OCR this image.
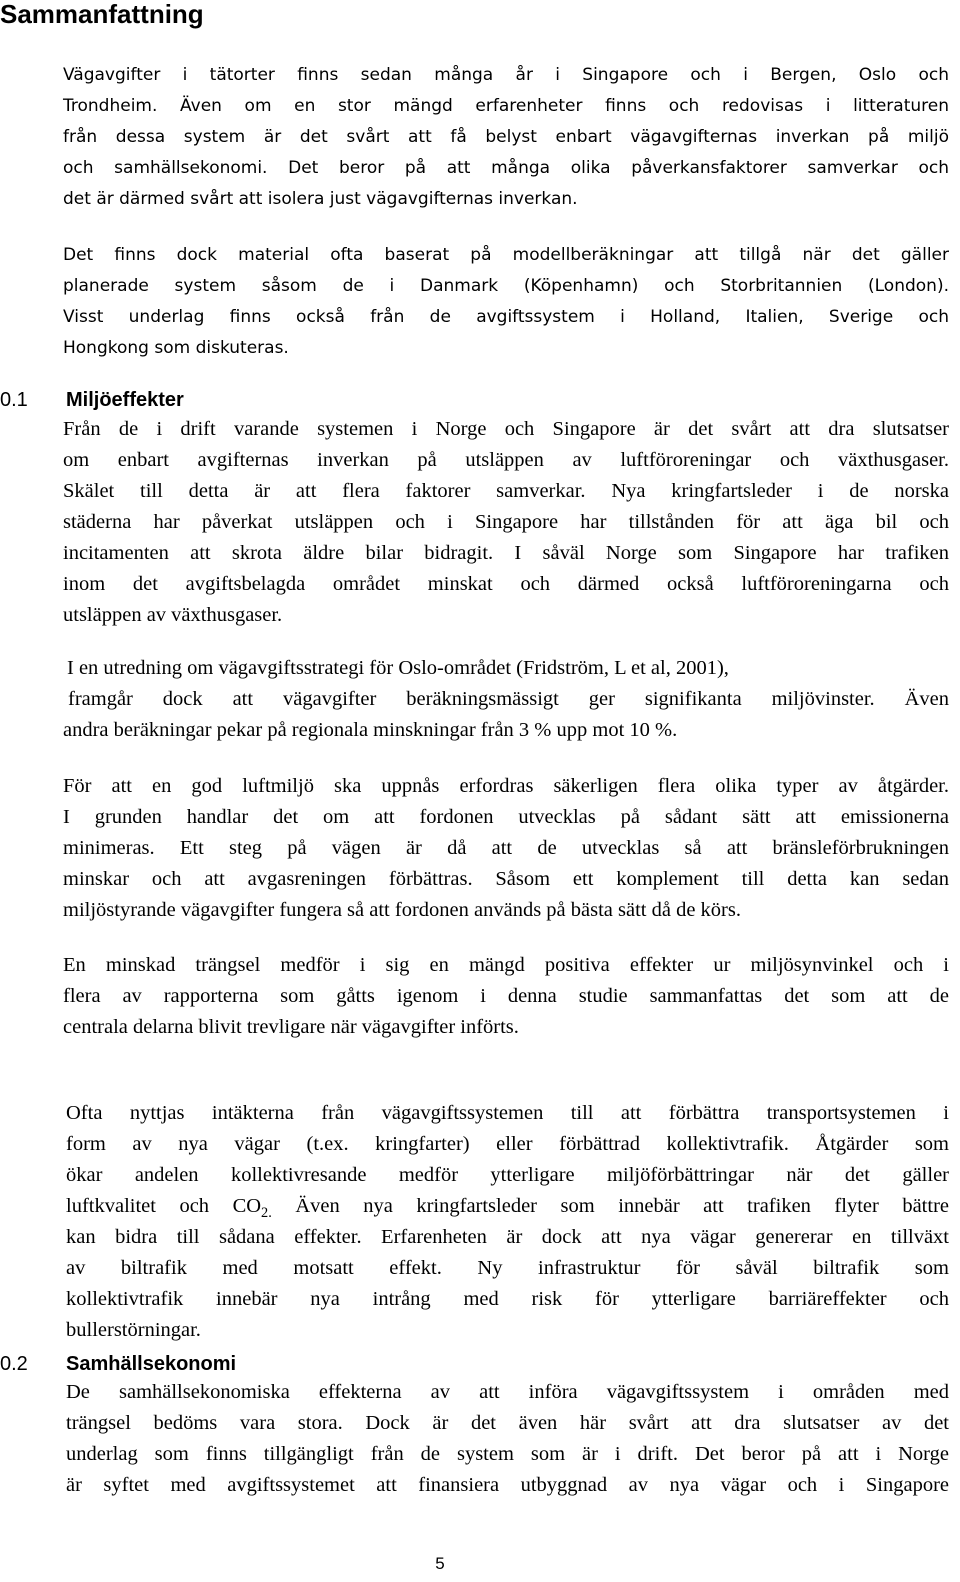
Sammanfattning
Vägavgifter i tätorter finns sedan många år i Singapore och i Bergen, Oslo och
Trondheim. Även om en stor mängd erfarenheter finns och redovisas i litteraturen
från dessa system är det svårt att få belyst enbart vägavgifternas inverkan på miljö
och samhällsekonomi. Det beror på att många olika påverkansfaktorer samverkar och
det är därmed svårt att isolera just vägavgifternas inverkan.
Det finns dock material ofta baserat på modellberäkningar att tillgå när det gäller
planerade system såsom de i Danmark (Köpenhamn) och Storbritannien (London).
Visst underlag finns också från de avgiftssystem i Holland, Italien, Sverige och
Hongkong som diskuteras.
0.1 Miljöeffekter
Från de i drift varande systemen i Norge och Singapore är det svårt att dra slutsatser
om enbart avgifternas inverkan på utsläppen av luftföroreningar och växthusgaser.
Skälet till detta är att flera faktorer samverkar. Nya kringfartsleder i de norska
städerna har påverkat utsläppen och i Singapore har tillstånden för att äga bil och
incitamenten att skrota äldre bilar bidragit. I såväl Norge som Singapore har trafiken
inom det avgiftsbelagda området minskat och därmed också luftföroreningarna och
utsläppen av växthusgaser.
I en utredning om vägavgiftsstrategi för Oslo-området (Fridström, L et al, 2001),
framgår dock att vägavgifter beräkningsmässigt ger signifikanta miljövinster. Även
andra beräkningar pekar på regionala minskningar från 3 % upp mot 10 %.
För att en god luftmiljö ska uppnås erfordras säkerligen flera olika typer av åtgärder.
I grunden handlar det om att fordonen utvecklas på sådant sätt att emissionerna
minimeras. Ett steg på vägen är då att de utvecklas så att bränsleförbrukningen
minskar och att avgasreningen förbättras. Såsom ett komplement till detta kan sedan
miljöstyrande vägavgifter fungera så att fordonen används på bästa sätt då de körs.
En minskad trängsel medför i sig en mängd positiva effekter ur miljösynvinkel och i
flera av rapporterna som gåtts igenom i denna studie sammanfattas det som att de
centrala delarna blivit trevligare när vägavgifter införts.
Ofta nyttjas intäkterna från vägavgiftssystemen till att förbättra transportsystemen i
form av nya vägar (t.ex. kringfarter) eller förbättrad kollektivtrafik. Åtgärder som
ökar andelen kollektivresande medför ytterligare miljöförbättringar när det gäller
luftkvalitet och $CO_{2.}$ Även nya kringfartsleder som innebär att trafiken flyter bättre
kan bidra till sådana effekter. Erfarenheten är dock att nya vägar genererar en tillväxt
av biltrafik med motsatt effekt. Ny infrastruktur för såväl biltrafik som
kollektivtrafik innebär nya intrång med risk för ytterligare barriäreffekter och
bullerstörningar.
0.2 Samhällsekonomi
De samhällsekonomiska effekterna av att införa vägavgiftssystem i områden med
trängsel bedöms vara stora. Dock är det även här svårt att dra slutsatser av det
underlag som finns tillgängligt från de system som är i drift. Det beror på att i Norge
är syftet med avgiftssystemet att finansiera utbyggnad av nya vägar och i Singapore
5
